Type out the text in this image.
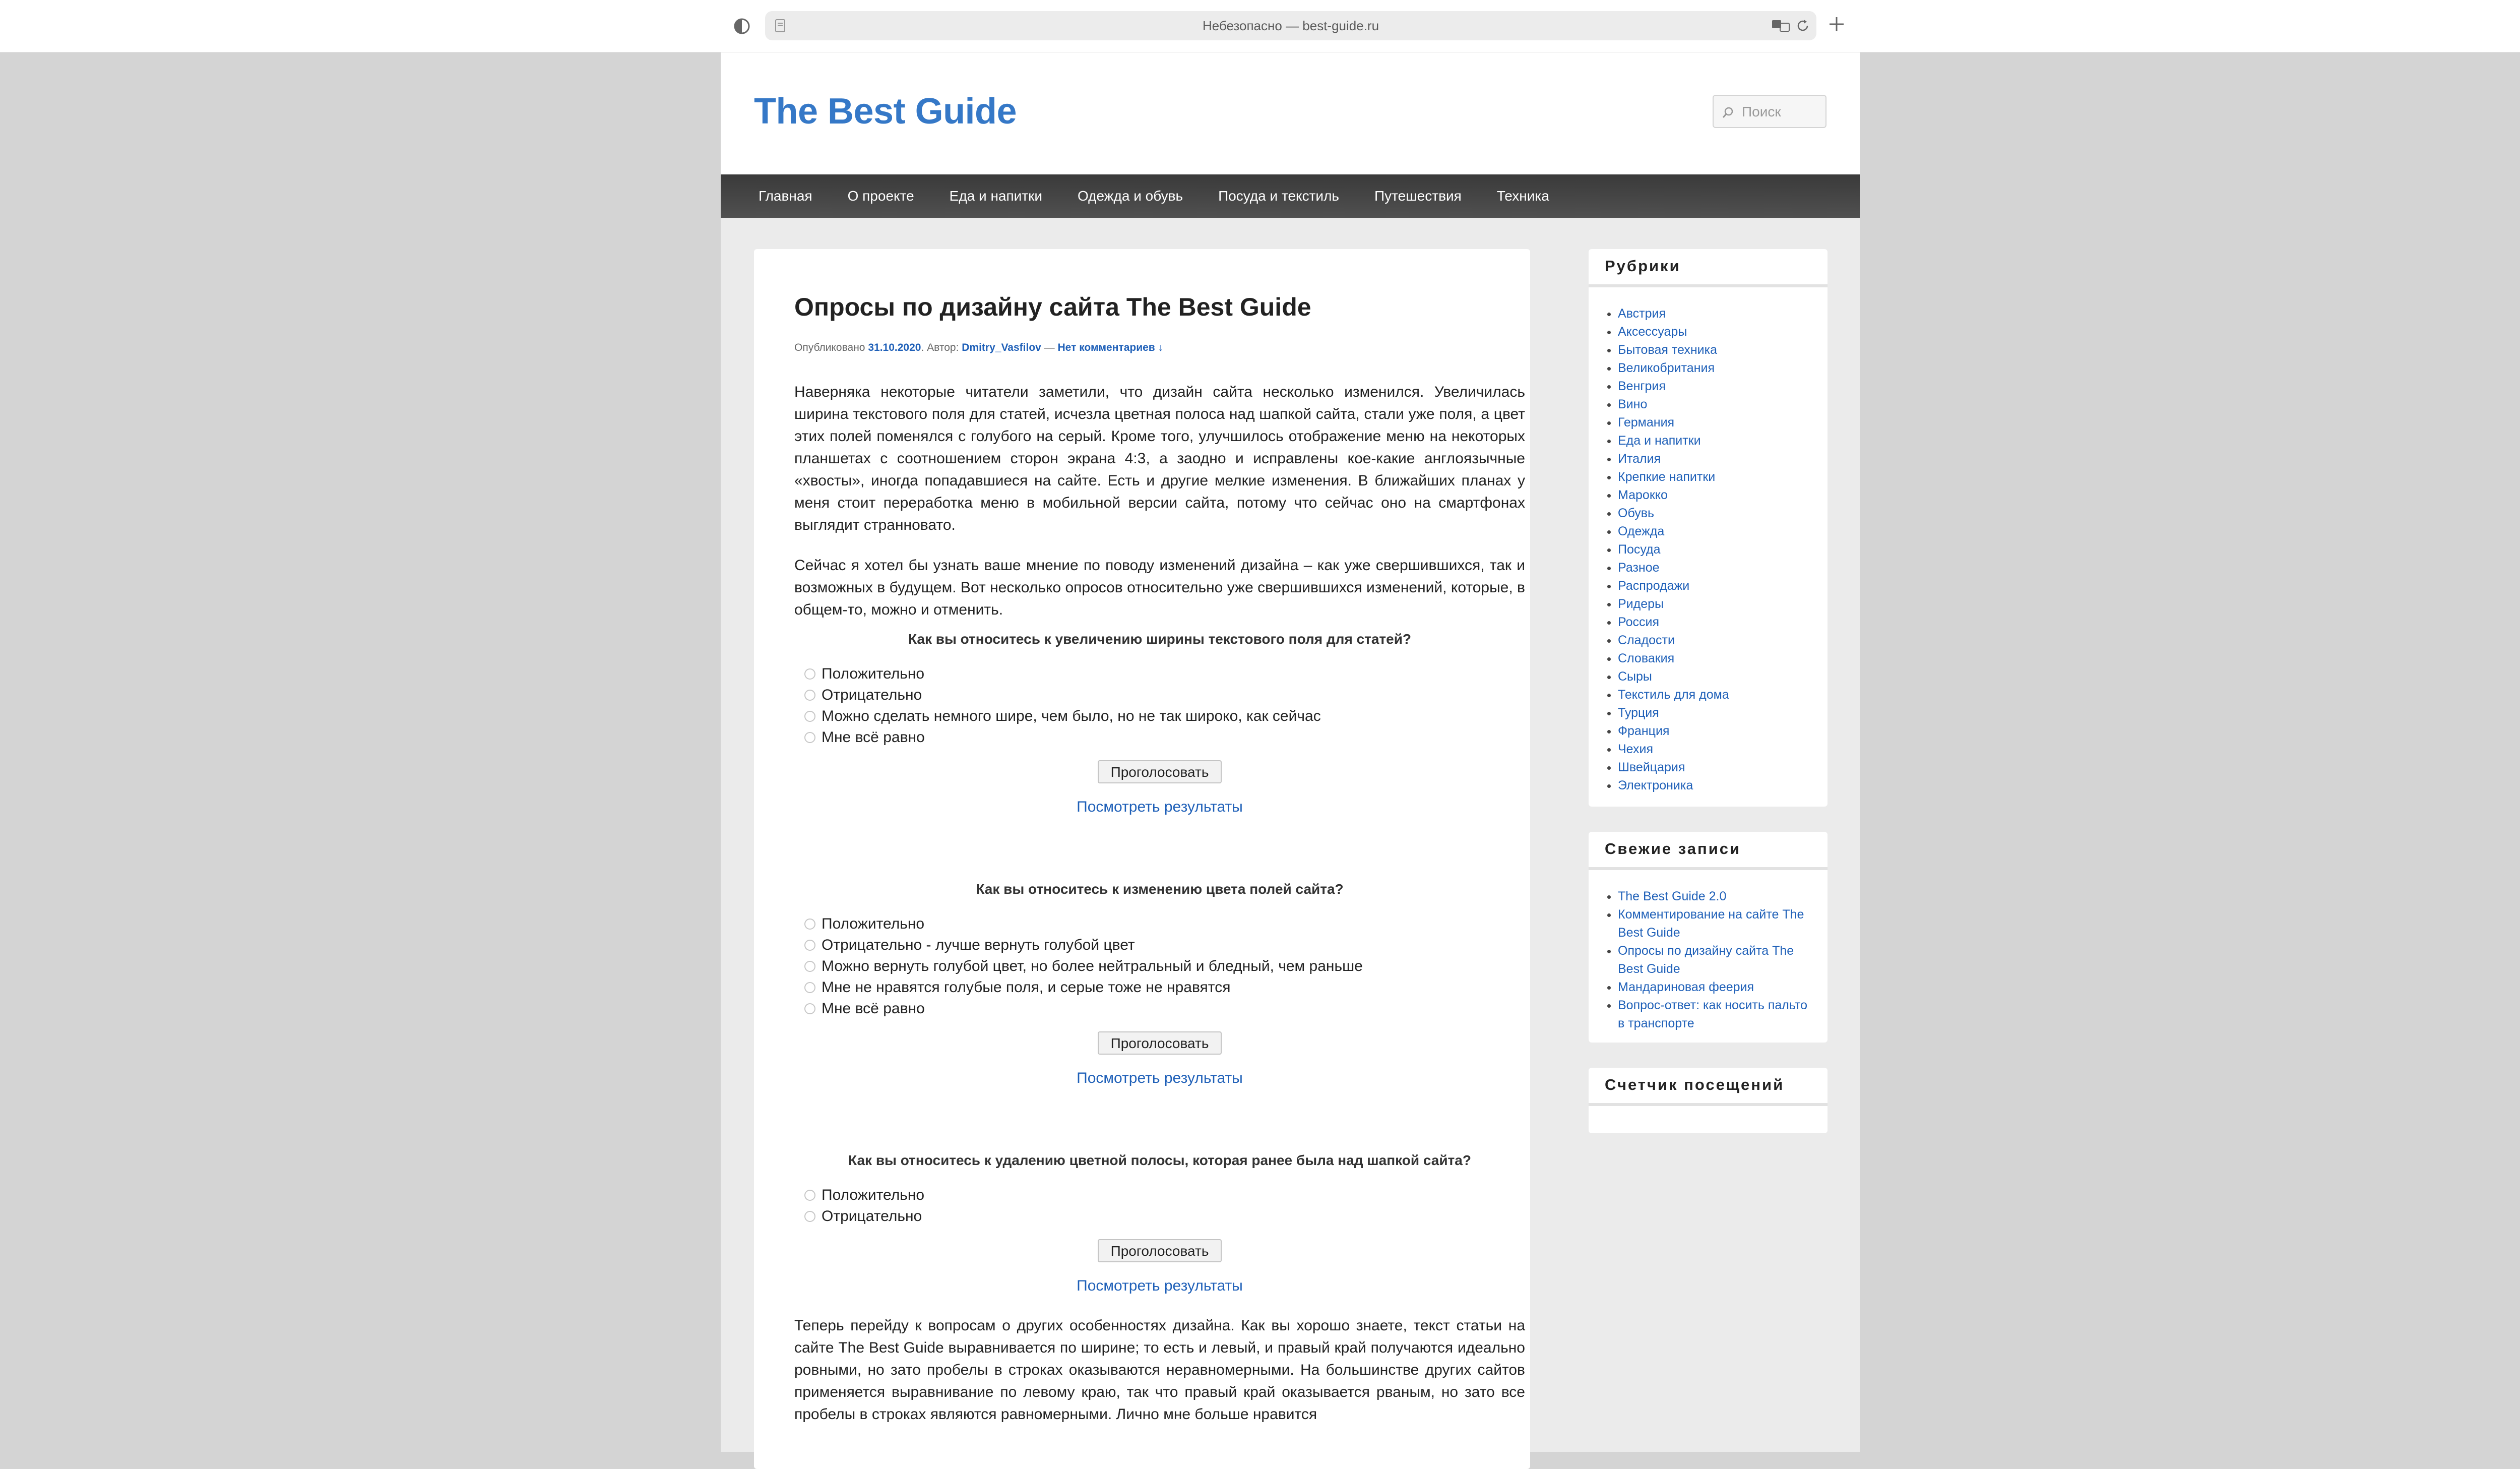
Небезопасно — best-guide.ru
The Best Guide
Поиск
Главная	О проекте	Еда и напитки	Одежда и обувь	Посуда и текстиль	Путешествия	Техника
Опросы по дизайну сайта The Best Guide
Опубликовано 31.10.2020. Автор: Dmitry_Vasfilov — Нет комментариев ↓

Наверняка некоторые читатели заметили, что дизайн сайта несколько изменился. Увеличилась ширина текстового поля для статей, исчезла цветная полоса над шапкой сайта, стали уже поля, а цвет этих полей поменялся с голубого на серый. Кроме того, улучшилось отображение меню на некоторых планшетах с соотношением сторон экрана 4:3, а заодно и исправлены кое-какие англоязычные «хвосты», иногда попадавшиеся на сайте. Есть и другие мелкие изменения. В ближайших планах у меня стоит переработка меню в мобильной версии сайта, потому что сейчас оно на смартфонах выглядит странновато.

Сейчас я хотел бы узнать ваше мнение по поводу изменений дизайна – как уже свершившихся, так и возможных в будущем. Вот несколько опросов относительно уже свершившихся изменений, которые, в общем-то, можно и отменить.

Как вы относитесь к увеличению ширины текстового поля для статей?
Положительно
Отрицательно
Можно сделать немного шире, чем было, но не так широко, как сейчас
Мне всё равно
Проголосовать
Посмотреть результаты
Как вы относитесь к изменению цвета полей сайта?
Положительно
Отрицательно - лучше вернуть голубой цвет
Можно вернуть голубой цвет, но более нейтральный и бледный, чем раньше
Мне не нравятся голубые поля, и серые тоже не нравятся
Мне всё равно
Проголосовать
Посмотреть результаты
Как вы относитесь к удалению цветной полосы, которая ранее была над шапкой сайта?
Положительно
Отрицательно
Проголосовать
Посмотреть результаты

Теперь перейду к вопросам о других особенностях дизайна. Как вы хорошо знаете, текст статьи на сайте The Best Guide выравнивается по ширине; то есть и левый, и правый край получаются идеально ровными, но зато пробелы в строках оказываются неравномерными. На большинстве других сайтов применяется выравнивание по левому краю, так что правый край оказывается рваным, но зато все пробелы в строках являются равномерными. Лично мне больше нравится

Рубрики
• Австрия
• Аксессуары
• Бытовая техника
• Великобритания
• Венгрия
• Вино
• Германия
• Еда и напитки
• Италия
• Крепкие напитки
• Марокко
• Обувь
• Одежда
• Посуда
• Разное
• Распродажи
• Ридеры
• Россия
• Сладости
• Словакия
• Сыры
• Текстиль для дома
• Турция
• Франция
• Чехия
• Швейцария
• Электроника
Свежие записи
• The Best Guide 2.0
• Комментирование на сайте The Best Guide
• Опросы по дизайну сайта The Best Guide
• Мандариновая феерия
• Вопрос-ответ: как носить пальто в транспорте
Счетчик посещений
